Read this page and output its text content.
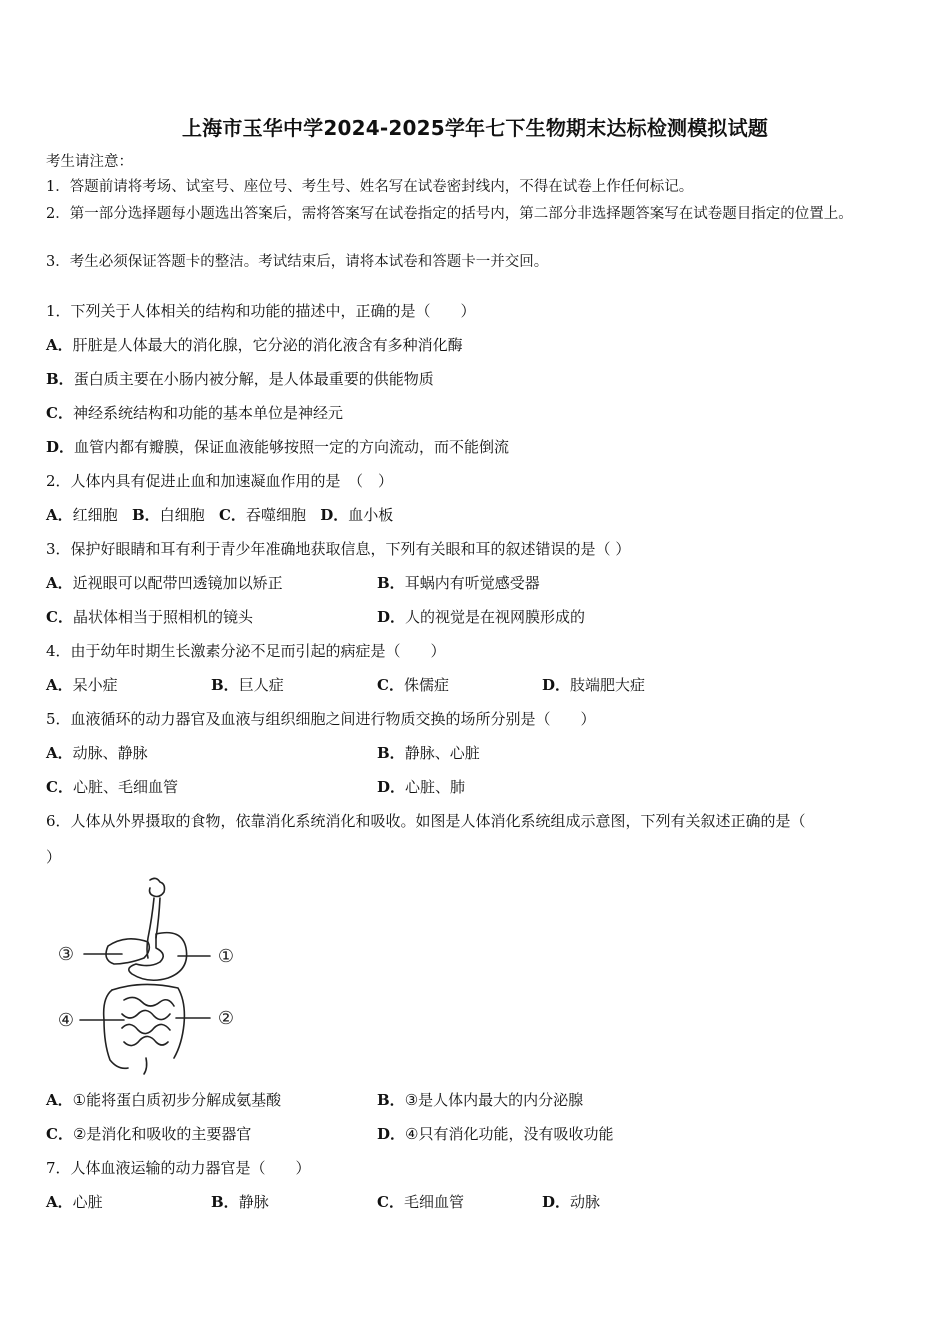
上海市玉华中学2024-2025学年七下生物期末达标检测模拟试题
考生请注意：
1．答题前请将考场、试室号、座位号、考生号、姓名写在试卷密封线内，不得在试卷上作任何标记。
2．第一部分选择题每小题选出答案后，需将答案写在试卷指定的括号内，第二部分非选择题答案写在试卷题目指定的位置上。
3．考生必须保证答题卡的整洁。考试结束后，请将本试卷和答题卡一并交回。
1．下列关于人体相关的结构和功能的描述中，正确的是（　　）
A．肝脏是人体最大的消化腺，它分泌的消化液含有多种消化酶
B．蛋白质主要在小肠内被分解，是人体最重要的供能物质
C．神经系统结构和功能的基本单位是神经元
D．血管内都有瓣膜，保证血液能够按照一定的方向流动，而不能倒流
2．人体内具有促进止血和加速凝血作用的是　（　）
A．红细胞 B．白细胞 C．吞噬细胞 D．血小板
3．保护好眼睛和耳有利于青少年准确地获取信息，下列有关眼和耳的叙述错误的是（ ）
A．近视眼可以配带凹透镜加以矫正	B．耳蜗内有听觉感受器
C．晶状体相当于照相机的镜头	D．人的视觉是在视网膜形成的
4．由于幼年时期生长激素分泌不足而引起的病症是（　　）
A．呆小症	B．巨人症	C．侏儒症	D．肢端肥大症
5．血液循环的动力器官及血液与组织细胞之间进行物质交换的场所分别是（　　）
A．动脉、静脉	B．静脉、心脏
C．心脏、毛细血管	D．心脏、肺
6．人体从外界摄取的食物，依靠消化系统消化和吸收。如图是人体消化系统组成示意图，下列有关叙述正确的是（
）
①
②
③
④
A．①能将蛋白质初步分解成氨基酸	B．③是人体内最大的内分泌腺
C．②是消化和吸收的主要器官	D．④只有消化功能，没有吸收功能
7．人体血液运输的动力器官是（　　）
A．心脏	B．静脉	C．毛细血管	D．动脉
